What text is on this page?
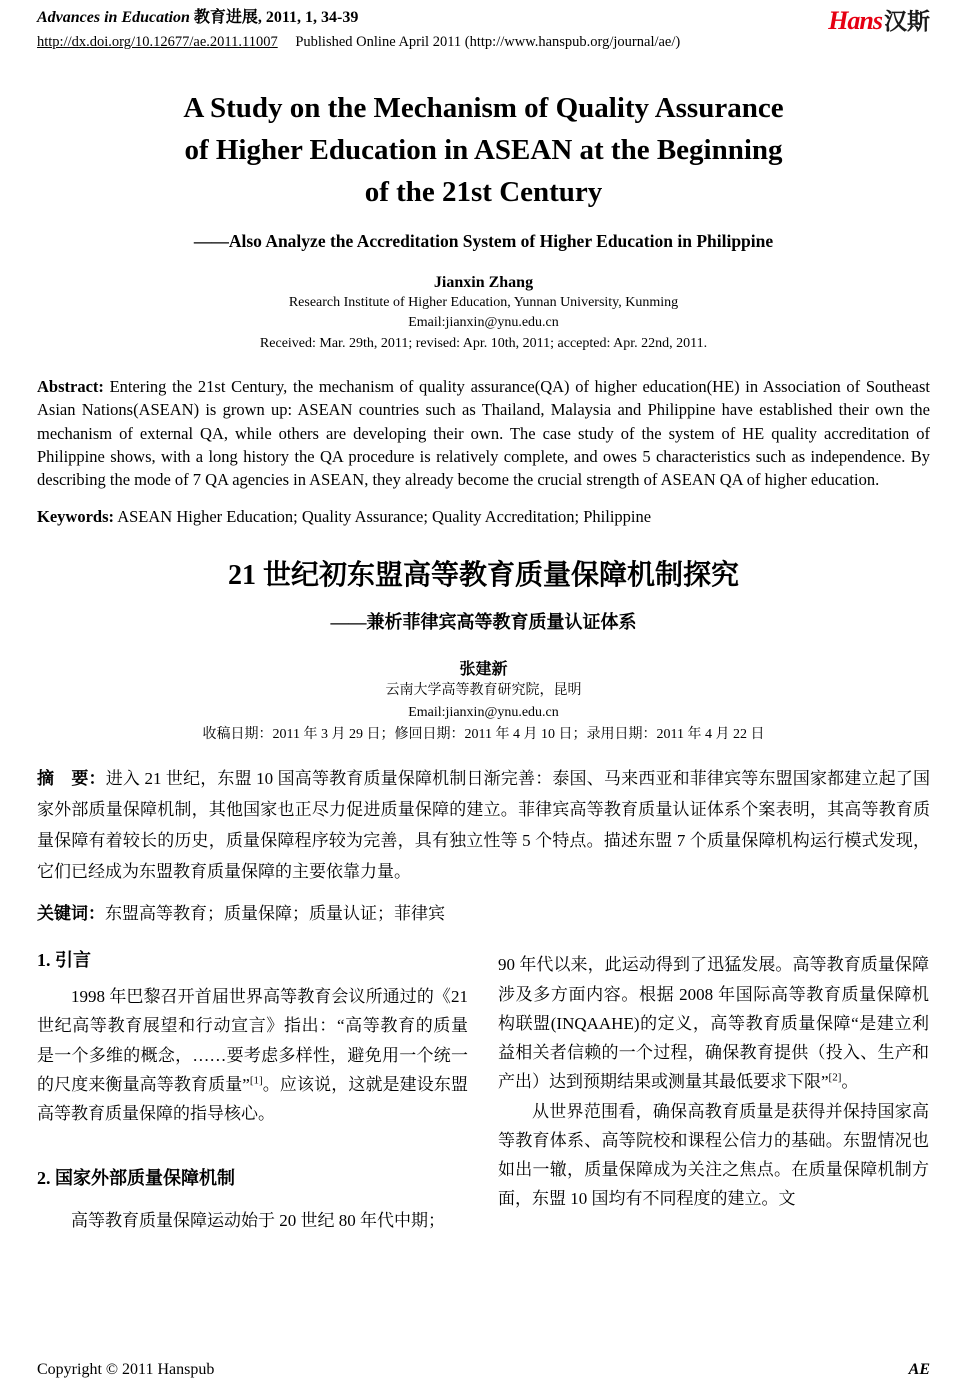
Advances in Education 教育进展, 2011, 1, 34-39
http://dx.doi.org/10.12677/ae.2011.11007 Published Online April 2011 (http://www.hanspub.org/journal/ae/)
Hans汉斯
A Study on the Mechanism of Quality Assurance
of Higher Education in ASEAN at the Beginning
of the 21st Century
——Also Analyze the Accreditation System of Higher Education in Philippine
Jianxin Zhang
Research Institute of Higher Education, Yunnan University, Kunming
Email:jianxin@ynu.edu.cn
Received: Mar. 29th, 2011; revised: Apr. 10th, 2011; accepted: Apr. 22nd, 2011.

Abstract: Entering the 21st Century, the mechanism of quality assurance(QA) of higher education(HE) in Association of Southeast Asian Nations(ASEAN) is grown up: ASEAN countries such as Thailand, Malaysia and Philippine have established their own the mechanism of external QA, while others are developing their own. The case study of the system of HE quality accreditation of Philippine shows, with a long history the QA procedure is relatively complete, and owes 5 characteristics such as independence. By describing the mode of 7 QA agencies in ASEAN, they already become the crucial strength of ASEAN QA of higher education.

Keywords: ASEAN Higher Education; Quality Assurance; Quality Accreditation; Philippine

21 世纪初东盟高等教育质量保障机制探究
——兼析菲律宾高等教育质量认证体系
张建新
云南大学高等教育研究院，昆明
Email:jianxin@ynu.edu.cn
收稿日期：2011 年 3 月 29 日；修回日期：2011 年 4 月 10 日；录用日期：2011 年 4 月 22 日

摘　要：进入 21 世纪，东盟 10 国高等教育质量保障机制日渐完善：泰国、马来西亚和菲律宾等东盟国家都建立起了国家外部质量保障机制，其他国家也正尽力促进质量保障的建立。菲律宾高等教育质量认证体系个案表明，其高等教育质量保障有着较长的历史，质量保障程序较为完善，具有独立性等 5 个特点。描述东盟 7 个质量保障机构运行模式发现，它们已经成为东盟教育质量保障的主要依靠力量。

关键词：东盟高等教育；质量保障；质量认证；菲律宾

1. 引言

1998 年巴黎召开首届世界高等教育会议所通过的《21 世纪高等教育展望和行动宣言》指出：“高等教育的质量是一个多维的概念，……要考虑多样性，避免用一个统一的尺度来衡量高等教育质量”[1]。应该说，这就是建设东盟高等教育质量保障的指导核心。

2. 国家外部质量保障机制

高等教育质量保障运动始于 20 世纪 80 年代中期；

90 年代以来，此运动得到了迅猛发展。高等教育质量保障涉及多方面内容。根据 2008 年国际高等教育质量保障机构联盟(INQAAHE)的定义，高等教育质量保障“是建立利益相关者信赖的一个过程，确保教育提供（投入、生产和产出）达到预期结果或测量其最低要求下限”[2]。

从世界范围看，确保高教育质量是获得并保持国家高等教育体系、高等院校和课程公信力的基础。东盟情况也如出一辙，质量保障成为关注之焦点。在质量保障机制方面，东盟 10 国均有不同程度的建立。文

Copyright © 2011 Hanspub	AE
